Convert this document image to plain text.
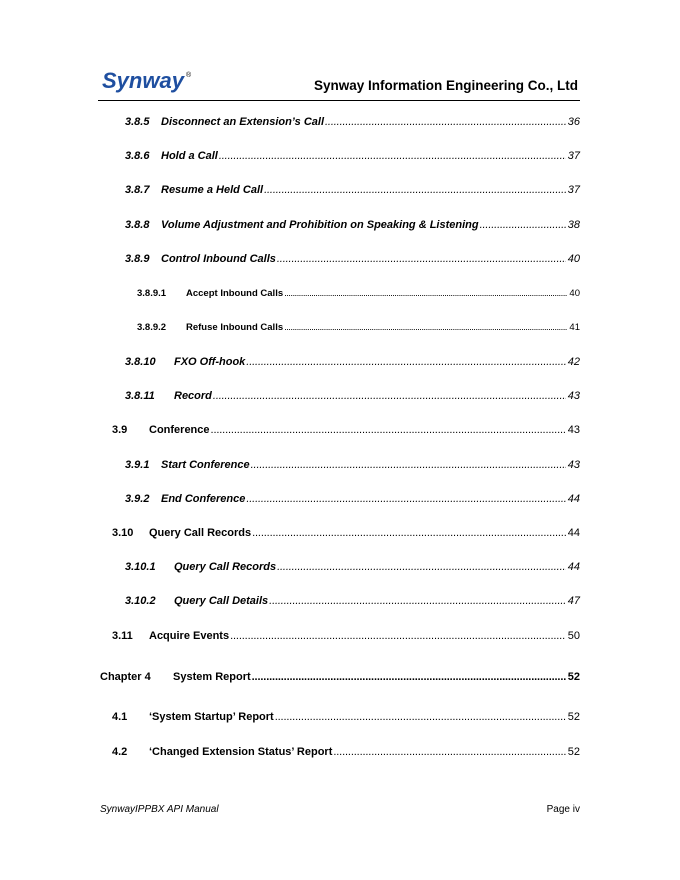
Synway ®
Synway Information Engineering Co., Ltd
3.8.5	Disconnect an Extension’s Call . . .	36
3.8.6	Hold a Call . . .	37
3.8.7	Resume a Held Call . . .	37
3.8.8	Volume Adjustment and Prohibition on Speaking & Listening . . .	38
3.8.9	Control Inbound Calls . . .	40
3.8.9.1	Accept Inbound Calls . . .	40
3.8.9.2	Refuse Inbound Calls . . .	41
3.8.10	FXO Off-hook . . .	42
3.8.11	Record . . .	43
3.9	Conference . . .	43
3.9.1	Start Conference . . .	43
3.9.2	End Conference . . .	44
3.10	Query Call Records . . .	44
3.10.1	Query Call Records . . .	44
3.10.2	Query Call Details . . .	47
3.11	Acquire Events . . .	50
Chapter 4	System Report . . .	52
4.1	‘System Startup’ Report . . .	52
4.2	‘Changed Extension Status’ Report . . .	52
SynwayIPPBX API Manual	Page iv
